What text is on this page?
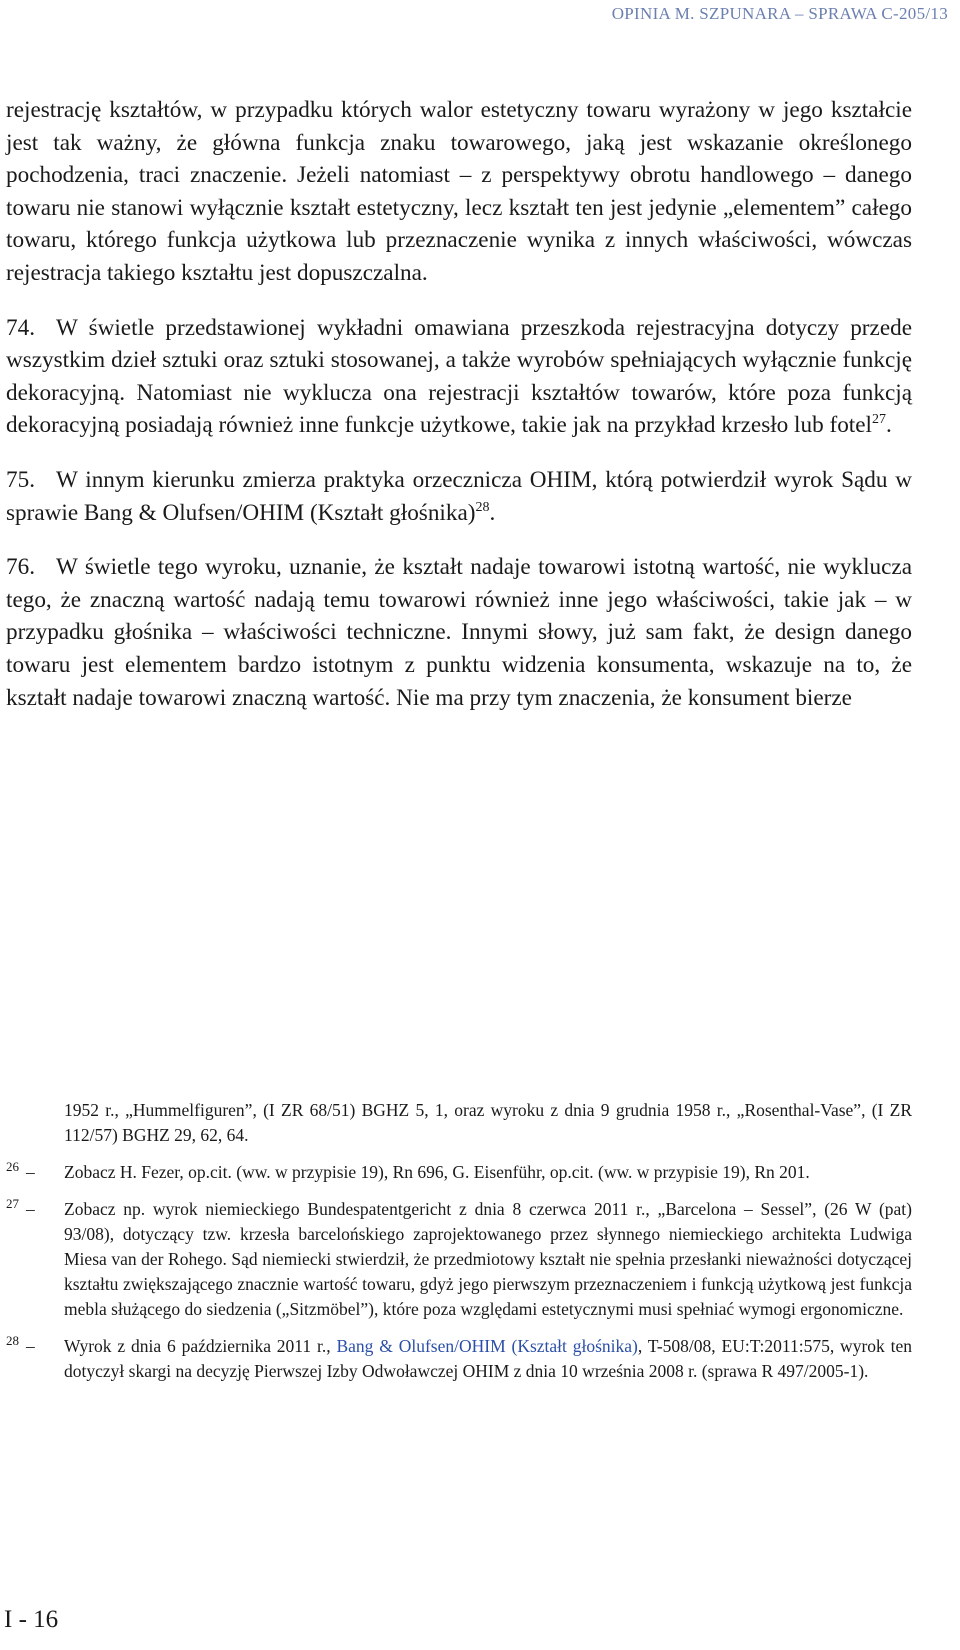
OPINIA M. SZPUNARA – SPRAWA C-205/13

rejestrację kształtów, w przypadku których walor estetyczny towaru wyrażony w jego kształcie jest tak ważny, że główna funkcja znaku towarowego, jaką jest wskazanie określonego pochodzenia, traci znaczenie. Jeżeli natomiast – z perspektywy obrotu handlowego – danego towaru nie stanowi wyłącznie kształt estetyczny, lecz kształt ten jest jedynie „elementem” całego towaru, którego funkcja użytkowa lub przeznaczenie wynika z innych właściwości, wówczas rejestracja takiego kształtu jest dopuszczalna.

74. W świetle przedstawionej wykładni omawiana przeszkoda rejestracyjna dotyczy przede wszystkim dzieł sztuki oraz sztuki stosowanej, a także wyrobów spełniających wyłącznie funkcję dekoracyjną. Natomiast nie wyklucza ona rejestracji kształtów towarów, które poza funkcją dekoracyjną posiadają również inne funkcje użytkowe, takie jak na przykład krzesło lub fotel$^{27}$.

75. W innym kierunku zmierza praktyka orzecznicza OHIM, którą potwierdził wyrok Sądu w sprawie Bang & Olufsen/OHIM (Kształt głośnika)$^{28}$.

76. W świetle tego wyroku, uznanie, że kształt nadaje towarowi istotną wartość, nie wyklucza tego, że znaczną wartość nadają temu towarowi również inne jego właściwości, takie jak – w przypadku głośnika – właściwości techniczne. Innymi słowy, już sam fakt, że design danego towaru jest elementem bardzo istotnym z punktu widzenia konsumenta, wskazuje na to, że kształt nadaje towarowi znaczną wartość. Nie ma przy tym znaczenia, że konsument bierze

1952 r., „Hummelfiguren”, (I ZR 68/51) BGHZ 5, 1, oraz wyroku z dnia 9 grudnia 1958 r., „Rosenthal-Vase”, (I ZR 112/57) BGHZ 29, 62, 64.
$^{26}$ – Zobacz H. Fezer, op.cit. (ww. w przypisie 19), Rn 696, G. Eisenführ, op.cit. (ww. w przypisie 19), Rn 201.
$^{27}$ – Zobacz np. wyrok niemieckiego Bundespatentgericht z dnia 8 czerwca 2011 r., „Barcelona – Sessel”, (26 W (pat) 93/08), dotyczący tzw. krzesła barcelońskiego zaprojektowanego przez słynnego niemieckiego architekta Ludwiga Miesa van der Rohego. Sąd niemiecki stwierdził, że przedmiotowy kształt nie spełnia przesłanki nieważności dotyczącej kształtu zwiększającego znacznie wartość towaru, gdyż jego pierwszym przeznaczeniem i funkcją użytkową jest funkcja mebla służącego do siedzenia („Sitzmöbel”), które poza względami estetycznymi musi spełniać wymogi ergonomiczne.
$^{28}$ – Wyrok z dnia 6 października 2011 r., Bang & Olufsen/OHIM (Kształt głośnika), T-508/08, EU:T:2011:575, wyrok ten dotyczył skargi na decyzję Pierwszej Izby Odwoławczej OHIM z dnia 10 września 2008 r. (sprawa R 497/2005-1).
I - 16
